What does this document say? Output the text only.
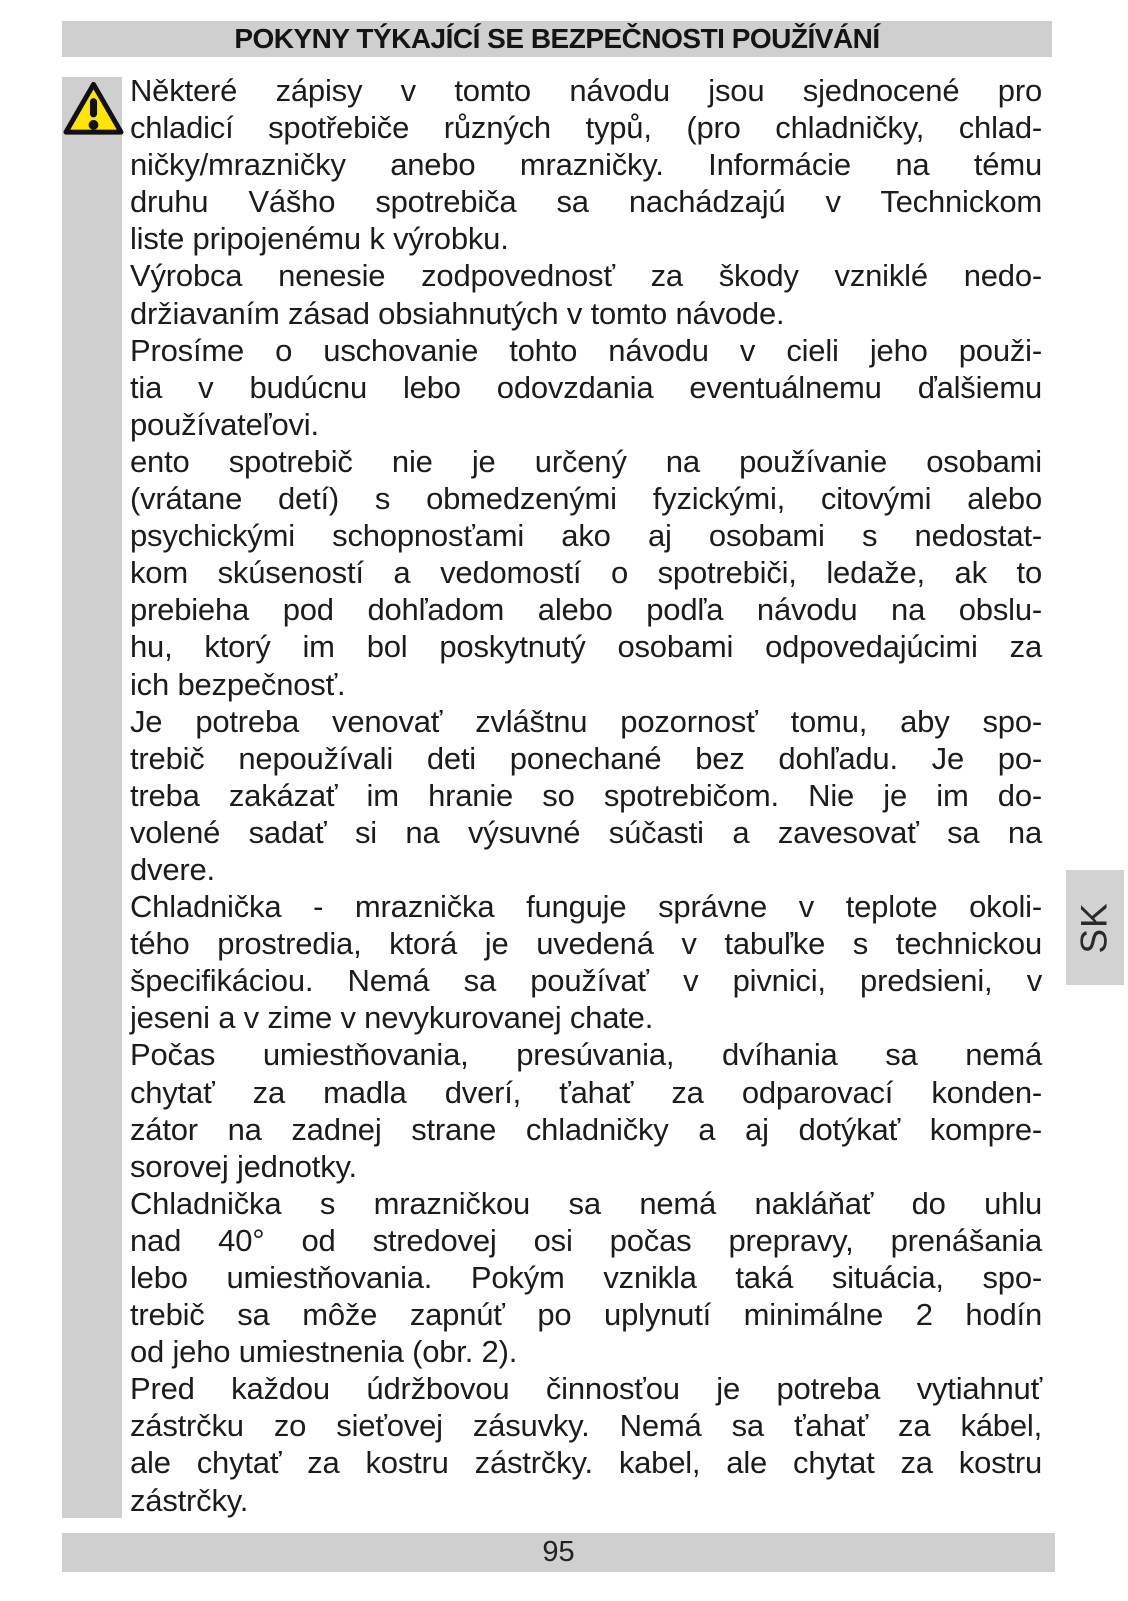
POKYNY TÝKAJÍCÍ SE BEZPEČNOSTI POUŽÍVÁNÍ
Některé zápisy v tomto návodu jsou sjednocené pro
chladicí spotřebiče různých typů, (pro chladničky, chlad-
ničky/mrazničky anebo mrazničky. Informácie na tému
druhu Vášho spotrebiča sa nachádzajú v Technickom
liste pripojenému k výrobku.
Výrobca nenesie zodpovednosť za škody vzniklé nedo-
držiavaním zásad obsiahnutých v tomto návode.
Prosíme o uschovanie tohto návodu v cieli jeho použi-
tia v budúcnu lebo odovzdania eventuálnemu ďalšiemu
používateľovi.
ento spotrebič nie je určený na používanie osobami
(vrátane detí) s obmedzenými fyzickými, citovými alebo
psychickými schopnosťami ako aj osobami s nedostat-
kom skúseností a vedomostí o spotrebiči, ledaže, ak to
prebieha pod dohľadom alebo podľa návodu na obslu-
hu, ktorý im bol poskytnutý osobami odpovedajúcimi za
ich bezpečnosť.
Je potreba venovať zvláštnu pozornosť tomu, aby spo-
trebič nepoužívali deti ponechané bez dohľadu. Je po-
treba zakázať im hranie so spotrebičom. Nie je im do-
volené sadať si na výsuvné súčasti a zavesovať sa na
dvere.
Chladnička - mraznička funguje správne v teplote okoli-
tého prostredia, ktorá je uvedená v tabuľke s technickou
špecifikáciou. Nemá sa používať v pivnici, predsieni, v
jeseni a v zime v nevykurovanej chate.
Počas umiestňovania, presúvania, dvíhania sa nemá
chytať za madla dverí, ťahať za odparovací konden-
zátor na zadnej strane chladničky a aj dotýkať kompre-
sorovej jednotky.
Chladnička s mrazničkou sa nemá nakláňať do uhlu
nad 40° od stredovej osi počas prepravy, prenášania
lebo umiestňovania. Pokým vznikla taká situácia, spo-
trebič sa môže zapnúť po uplynutí minimálne 2 hodín
od jeho umiestnenia (obr. 2).
Pred každou údržbovou činnosťou je potreba vytiahnuť
zástrčku zo sieťovej zásuvky. Nemá sa ťahať za kábel,
ale chytať za kostru zástrčky. kabel, ale chytat za kostru
zástrčky.
SK
95
